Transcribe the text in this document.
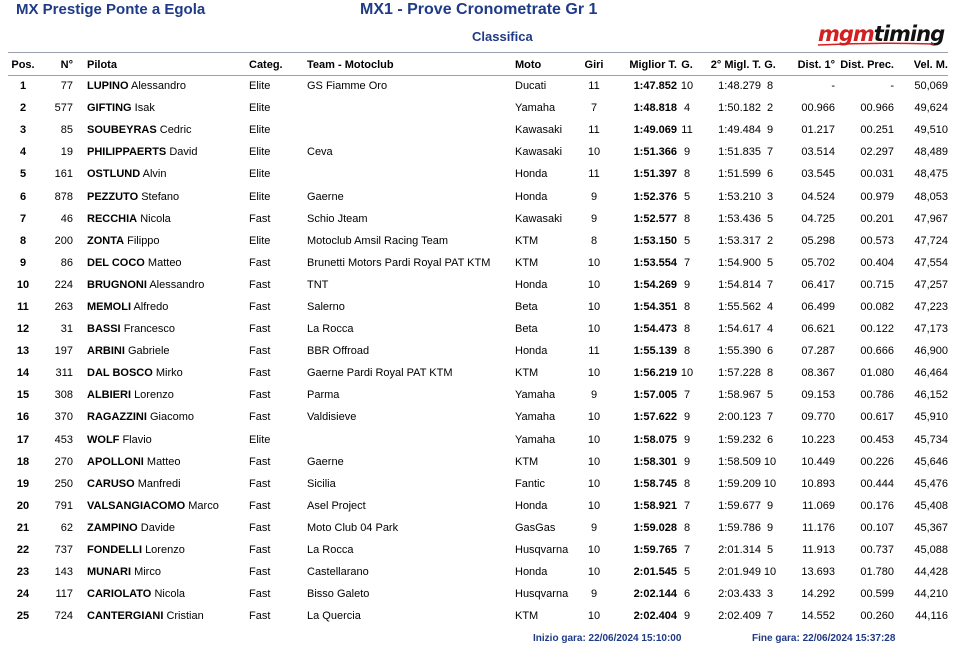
MX Prestige Ponte a Egola	MX1 - Prove Cronometrate Gr 1
Classifica	mgmtiming
Pos.	N°	Pilota	Categ.	Team - Motoclub	Moto	Giri	Miglior T.	G.	2° Migl. T.	G.	Dist. 1°	Dist. Prec.	Vel. M.
1	77	LUPINO Alessandro	Elite	GS Fiamme Oro	Ducati	11	1:47.852	10	1:48.279	8	-	-	50,069
2	577	GIFTING Isak	Elite		Yamaha	7	1:48.818	4	1:50.182	2	00.966	00.966	49,624
3	85	SOUBEYRAS Cedric	Elite		Kawasaki	11	1:49.069	11	1:49.484	9	01.217	00.251	49,510
4	19	PHILIPPAERTS David	Elite	Ceva	Kawasaki	10	1:51.366	9	1:51.835	7	03.514	02.297	48,489
5	161	OSTLUND Alvin	Elite		Honda	11	1:51.397	8	1:51.599	6	03.545	00.031	48,475
6	878	PEZZUTO Stefano	Elite	Gaerne	Honda	9	1:52.376	5	1:53.210	3	04.524	00.979	48,053
7	46	RECCHIA Nicola	Fast	Schio Jteam	Kawasaki	9	1:52.577	8	1:53.436	5	04.725	00.201	47,967
8	200	ZONTA Filippo	Elite	Motoclub Amsil Racing Team	KTM	8	1:53.150	5	1:53.317	2	05.298	00.573	47,724
9	86	DEL COCO Matteo	Fast	Brunetti Motors Pardi Royal PAT KTM	KTM	10	1:53.554	7	1:54.900	5	05.702	00.404	47,554
10	224	BRUGNONI Alessandro	Fast	TNT	Honda	10	1:54.269	9	1:54.814	7	06.417	00.715	47,257
11	263	MEMOLI Alfredo	Fast	Salerno	Beta	10	1:54.351	8	1:55.562	4	06.499	00.082	47,223
12	31	BASSI Francesco	Fast	La Rocca	Beta	10	1:54.473	8	1:54.617	4	06.621	00.122	47,173
13	197	ARBINI Gabriele	Fast	BBR Offroad	Honda	11	1:55.139	8	1:55.390	6	07.287	00.666	46,900
14	311	DAL BOSCO Mirko	Fast	Gaerne Pardi Royal PAT KTM	KTM	10	1:56.219	10	1:57.228	8	08.367	01.080	46,464
15	308	ALBIERI Lorenzo	Fast	Parma	Yamaha	9	1:57.005	7	1:58.967	5	09.153	00.786	46,152
16	370	RAGAZZINI Giacomo	Fast	Valdisieve	Yamaha	10	1:57.622	9	2:00.123	7	09.770	00.617	45,910
17	453	WOLF Flavio	Elite		Yamaha	10	1:58.075	9	1:59.232	6	10.223	00.453	45,734
18	270	APOLLONI Matteo	Fast	Gaerne	KTM	10	1:58.301	9	1:58.509	10	10.449	00.226	45,646
19	250	CARUSO Manfredi	Fast	Sicilia	Fantic	10	1:58.745	8	1:59.209	10	10.893	00.444	45,476
20	791	VALSANGIACOMO Marco	Fast	Asel Project	Honda	10	1:58.921	7	1:59.677	9	11.069	00.176	45,408
21	62	ZAMPINO Davide	Fast	Moto Club 04 Park	GasGas	9	1:59.028	8	1:59.786	9	11.176	00.107	45,367
22	737	FONDELLI Lorenzo	Fast	La Rocca	Husqvarna	10	1:59.765	7	2:01.314	5	11.913	00.737	45,088
23	143	MUNARI Mirco	Fast	Castellarano	Honda	10	2:01.545	5	2:01.949	10	13.693	01.780	44,428
24	117	CARIOLATO Nicola	Fast	Bisso Galeto	Husqvarna	9	2:02.144	6	2:03.433	3	14.292	00.599	44,210
25	724	CANTERGIANI Cristian	Fast	La Quercia	KTM	10	2:02.404	9	2:02.409	7	14.552	00.260	44,116
Inizio gara: 22/06/2024 15:10:00	Fine gara: 22/06/2024 15:37:28
